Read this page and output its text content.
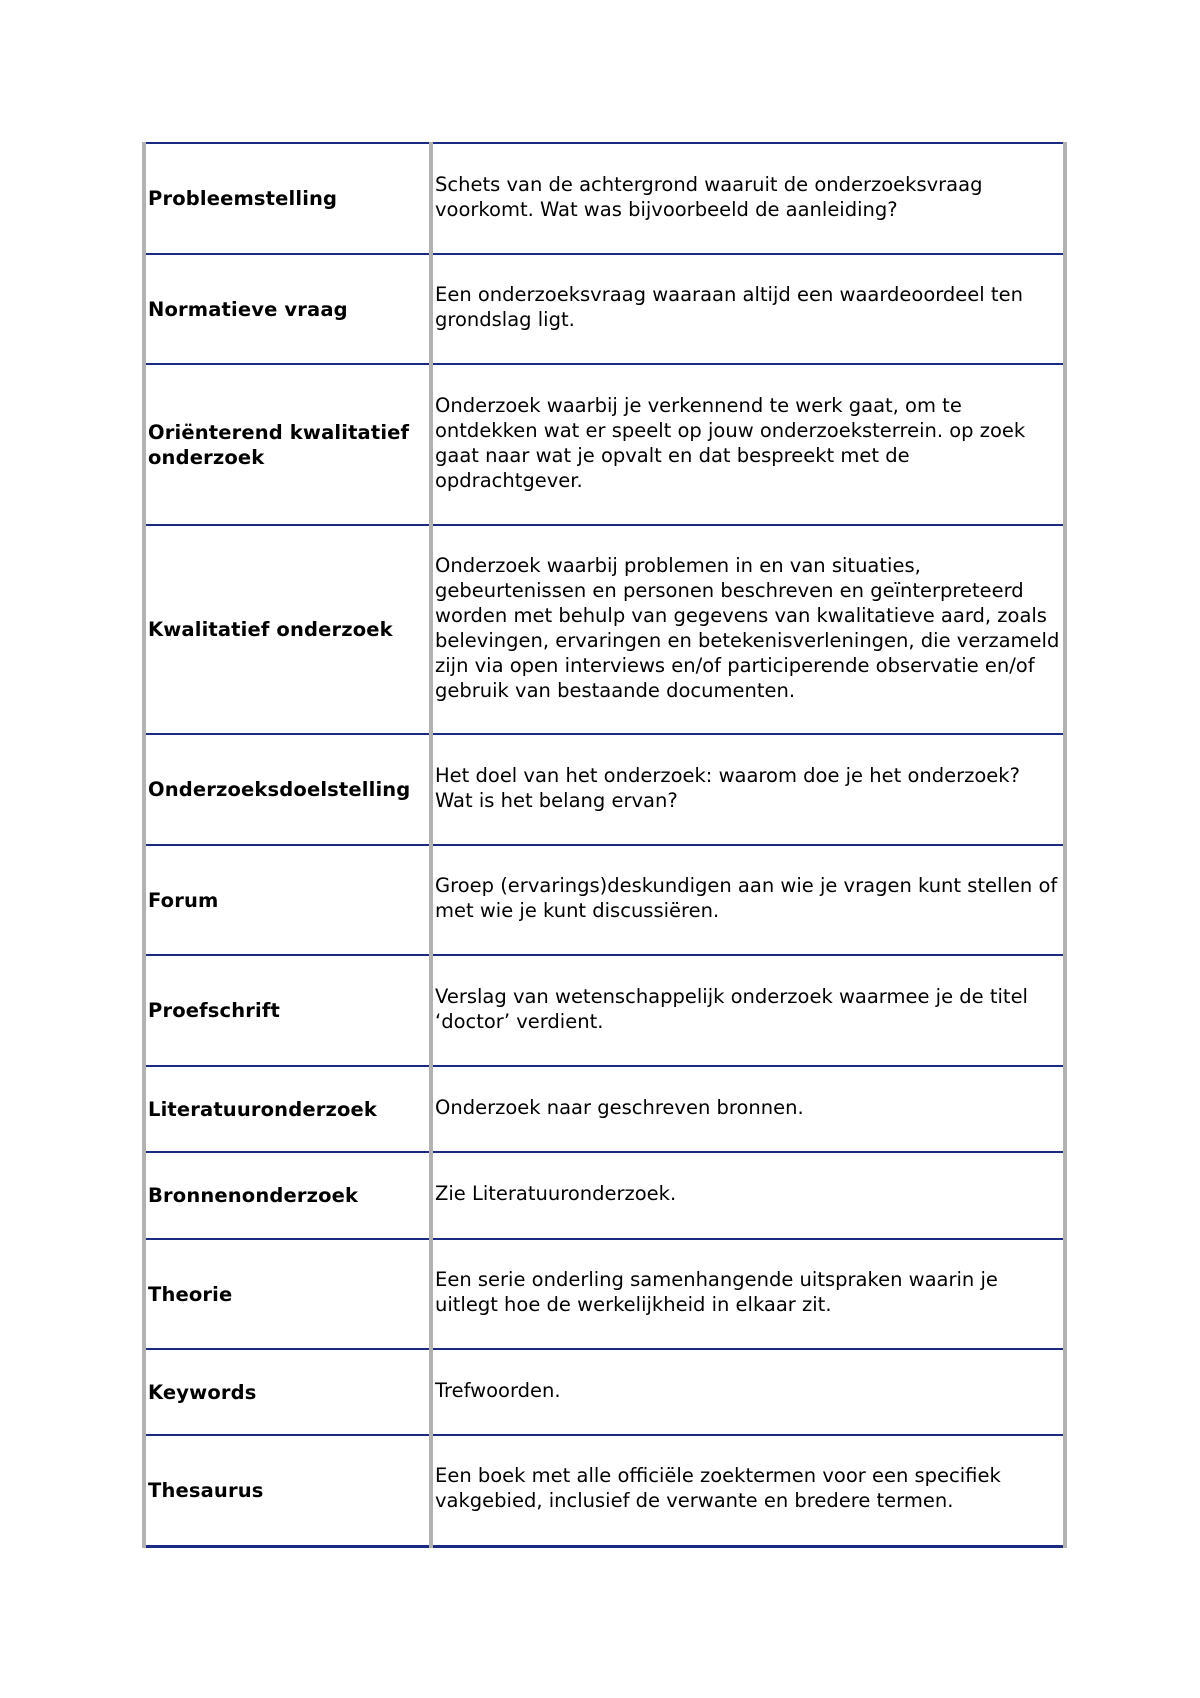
Probleemstelling	Schets van de achtergrond waaruit de onderzoeksvraag voorkomt. Wat was bijvoorbeeld de aanleiding?
Normatieve vraag	Een onderzoeksvraag waaraan altijd een waardeoordeel ten grondslag ligt.
Oriënterend kwalitatief onderzoek	Onderzoek waarbij je verkennend te werk gaat, om te ontdekken wat er speelt op jouw onderzoeksterrein. op zoek gaat naar wat je opvalt en dat bespreekt met de opdrachtgever.
Kwalitatief onderzoek	Onderzoek waarbij problemen in en van situaties, gebeurtenissen en personen beschreven en geïnterpreteerd worden met behulp van gegevens van kwalitatieve aard, zoals belevingen, ervaringen en betekenisverleningen, die verzameld zijn via open interviews en/of participerende observatie en/of gebruik van bestaande documenten.
Onderzoeksdoelstelling	Het doel van het onderzoek: waarom doe je het onderzoek? Wat is het belang ervan?
Forum	Groep (ervarings)deskundigen aan wie je vragen kunt stellen of met wie je kunt discussiëren.
Proefschrift	Verslag van wetenschappelijk onderzoek waarmee je de titel ‘doctor’ verdient.
Literatuuronderzoek	Onderzoek naar geschreven bronnen.
Bronnenonderzoek	Zie Literatuuronderzoek.
Theorie	Een serie onderling samenhangende uitspraken waarin je uitlegt hoe de werkelijkheid in elkaar zit.
Keywords	Trefwoorden.
Thesaurus	Een boek met alle officiële zoektermen voor een specifiek vakgebied, inclusief de verwante en bredere termen.
